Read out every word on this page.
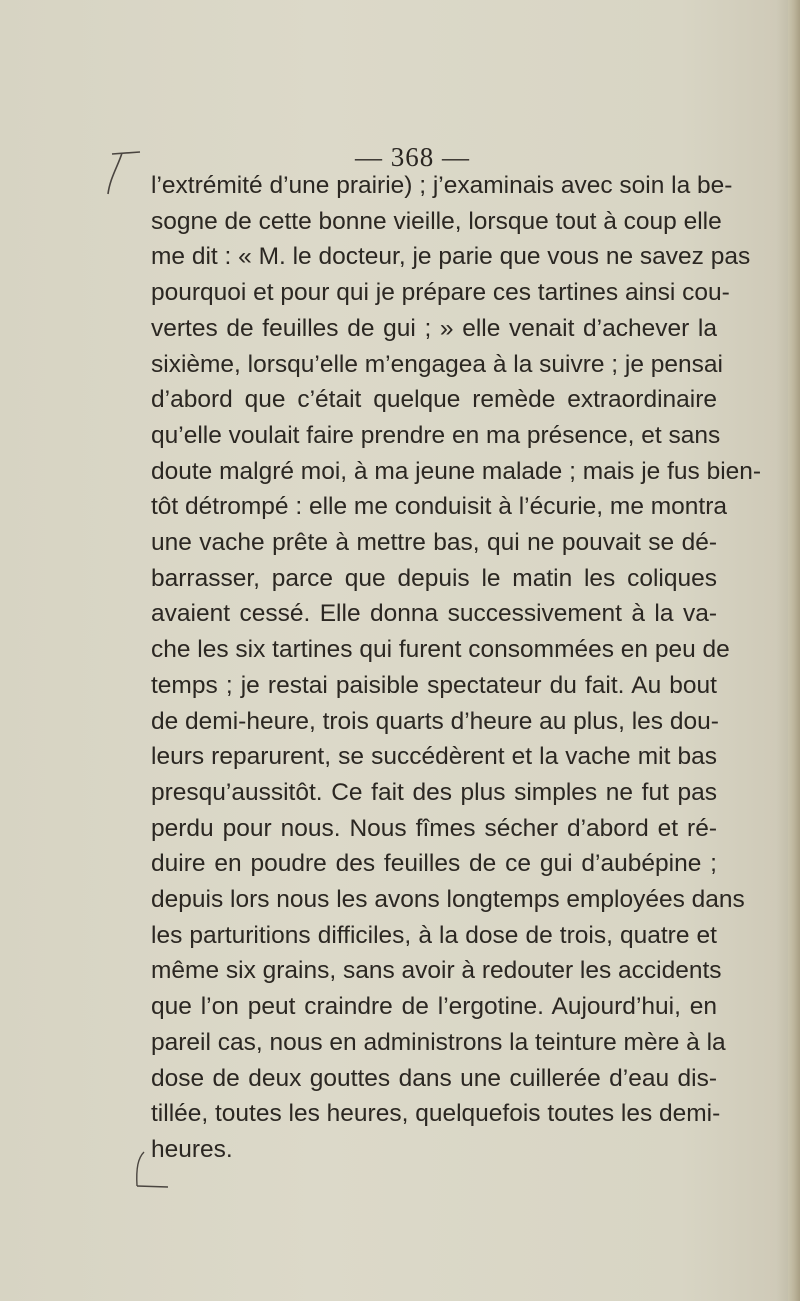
— 368 —
l’extrémité d’une prairie) ; j’examinais avec soin la be-
sogne de cette bonne vieille, lorsque tout à coup elle
me dit : « M. le docteur, je parie que vous ne savez pas
pourquoi et pour qui je prépare ces tartines ainsi cou-
vertes de feuilles de gui ; » elle venait d’achever la
sixième, lorsqu’elle m’engagea à la suivre ; je pensai
d’abord que c’était quelque remède extraordinaire
qu’elle voulait faire prendre en ma présence, et sans
doute malgré moi, à ma jeune malade ; mais je fus bien-
tôt détrompé : elle me conduisit à l’écurie, me montra
une vache prête à mettre bas, qui ne pouvait se dé-
barrasser, parce que depuis le matin les coliques
avaient cessé. Elle donna successivement à la va-
che les six tartines qui furent consommées en peu de
temps ; je restai paisible spectateur du fait. Au bout
de demi-heure, trois quarts d’heure au plus, les dou-
leurs reparurent, se succédèrent et la vache mit bas
presqu’aussitôt. Ce fait des plus simples ne fut pas
perdu pour nous. Nous fîmes sécher d’abord et ré-
duire en poudre des feuilles de ce gui d’aubépine ;
depuis lors nous les avons longtemps employées dans
les parturitions difficiles, à la dose de trois, quatre et
même six grains, sans avoir à redouter les accidents
que l’on peut craindre de l’ergotine. Aujourd’hui, en
pareil cas, nous en administrons la teinture mère à la
dose de deux gouttes dans une cuillerée d’eau dis-
tillée, toutes les heures, quelquefois toutes les demi-
heures.
